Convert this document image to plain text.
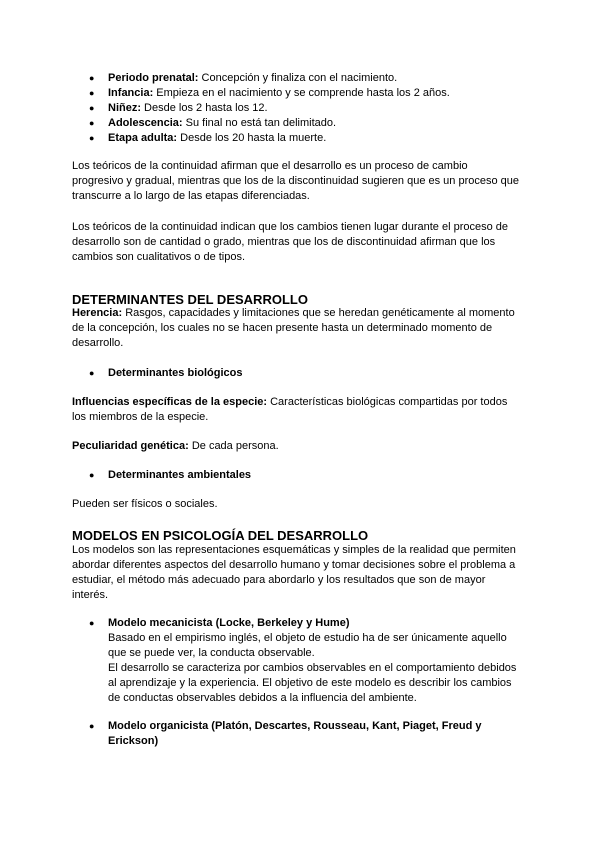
● Periodo prenatal: Concepción y finaliza con el nacimiento.
● Infancia: Empieza en el nacimiento y se comprende hasta los 2 años.
● Niñez: Desde los 2 hasta los 12.
● Adolescencia: Su final no está tan delimitado.
● Etapa adulta: Desde los 20 hasta la muerte.

Los teóricos de la continuidad afirman que el desarrollo es un proceso de cambio progresivo y gradual, mientras que los de la discontinuidad sugieren que es un proceso que transcurre a lo largo de las etapas diferenciadas.

Los teóricos de la continuidad indican que los cambios tienen lugar durante el proceso de desarrollo son de cantidad o grado, mientras que los de discontinuidad afirman que los cambios son cualitativos o de tipos.

DETERMINANTES DEL DESARROLLO

Herencia: Rasgos, capacidades y limitaciones que se heredan genéticamente al momento de la concepción, los cuales no se hacen presente hasta un determinado momento de desarrollo.

● Determinantes biológicos

Influencias específicas de la especie: Características biológicas compartidas por todos los miembros de la especie.

Peculiaridad genética: De cada persona.

● Determinantes ambientales

Pueden ser físicos o sociales.

MODELOS EN PSICOLOGÍA DEL DESARROLLO

Los modelos son las representaciones esquemáticas y simples de la realidad que permiten abordar diferentes aspectos del desarrollo humano y tomar decisiones sobre el problema a estudiar, el método más adecuado para abordarlo y los resultados que son de mayor interés.

● Modelo mecanicista (Locke, Berkeley y Hume)
Basado en el empirismo inglés, el objeto de estudio ha de ser únicamente aquello que se puede ver, la conducta observable.
El desarrollo se caracteriza por cambios observables en el comportamiento debidos al aprendizaje y la experiencia. El objetivo de este modelo es describir los cambios de conductas observables debidos a la influencia del ambiente.
● Modelo organicista (Platón, Descartes, Rousseau, Kant, Piaget, Freud y Erickson)
